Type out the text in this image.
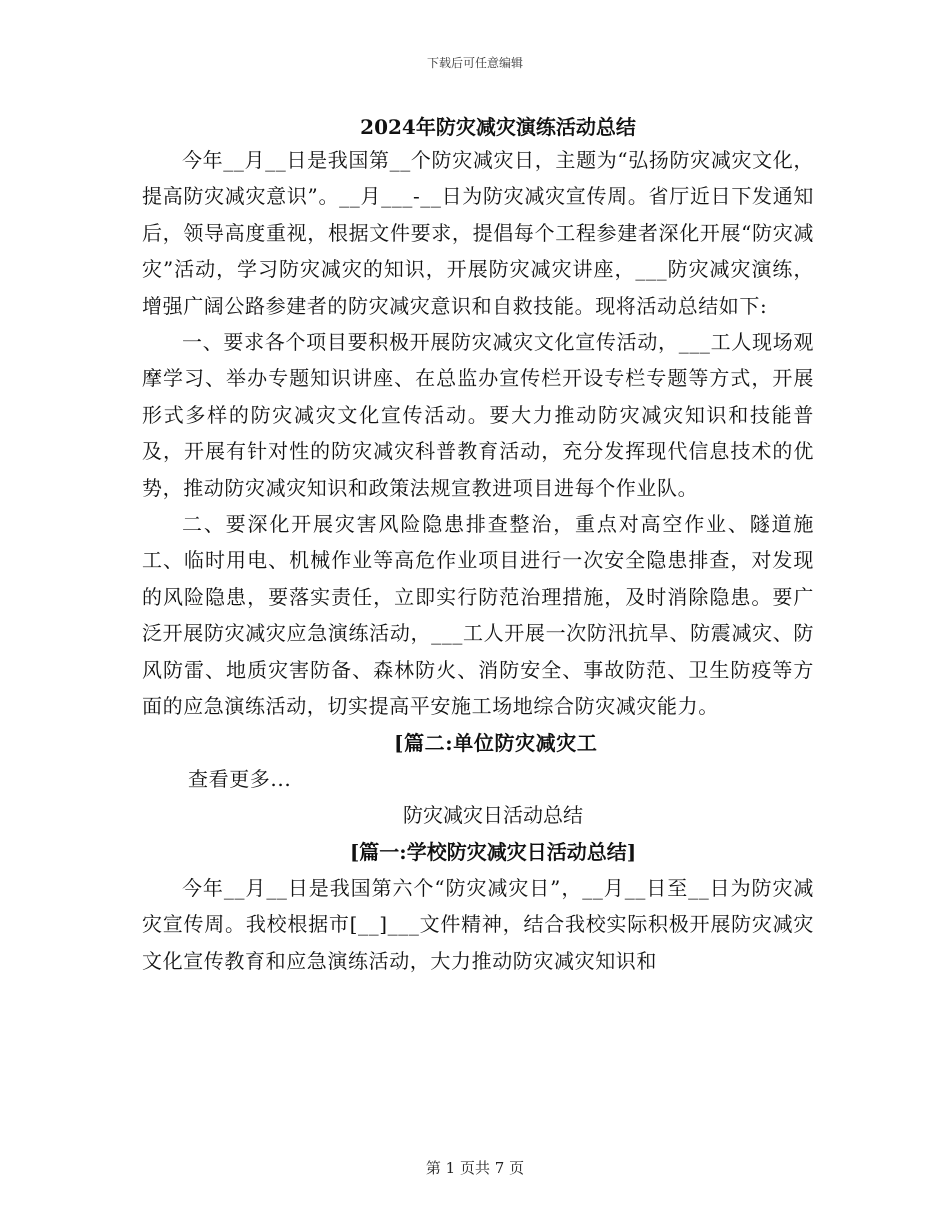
下载后可任意编辑
2024年防灾减灾演练活动总结

今年__月__日是我国第__个防灾减灾日，主题为“弘扬防灾减灾文化，提高防灾减灾意识”。__月___-__日为防灾减灾宣传周。省厅近日下发通知后，领导高度重视，根据文件要求，提倡每个工程参建者深化开展“防灾减灾”活动，学习防灾减灾的知识，开展防灾减灾讲座，___防灾减灾演练，增强广阔公路参建者的防灾减灾意识和自救技能。现将活动总结如下:

一、要求各个项目要积极开展防灾减灾文化宣传活动，___工人现场观摩学习、举办专题知识讲座、在总监办宣传栏开设专栏专题等方式，开展形式多样的防灾减灾文化宣传活动。要大力推动防灾减灾知识和技能普及，开展有针对性的防灾减灾科普教育活动，充分发挥现代信息技术的优势，推动防灾减灾知识和政策法规宣教进项目进每个作业队。

二、要深化开展灾害风险隐患排查整治，重点对高空作业、隧道施工、临时用电、机械作业等高危作业项目进行一次安全隐患排查，对发现的风险隐患，要落实责任，立即实行防范治理措施，及时消除隐患。要广泛开展防灾减灾应急演练活动，___工人开展一次防汛抗旱、防震减灾、防风防雷、地质灾害防备、森林防火、消防安全、事故防范、卫生防疫等方面的应急演练活动，切实提高平安施工场地综合防灾减灾能力。

[篇二:单位防灾减灾工

查看更多...

防灾减灾日活动总结

[篇一:学校防灾减灾日活动总结]

今年__月__日是我国第六个“防灾减灾日”，__月__日至__日为防灾减灾宣传周。我校根据市[__]___文件精神，结合我校实际积极开展防灾减灾文化宣传教育和应急演练活动，大力推动防灾减灾知识和

第 1 页共 7 页
